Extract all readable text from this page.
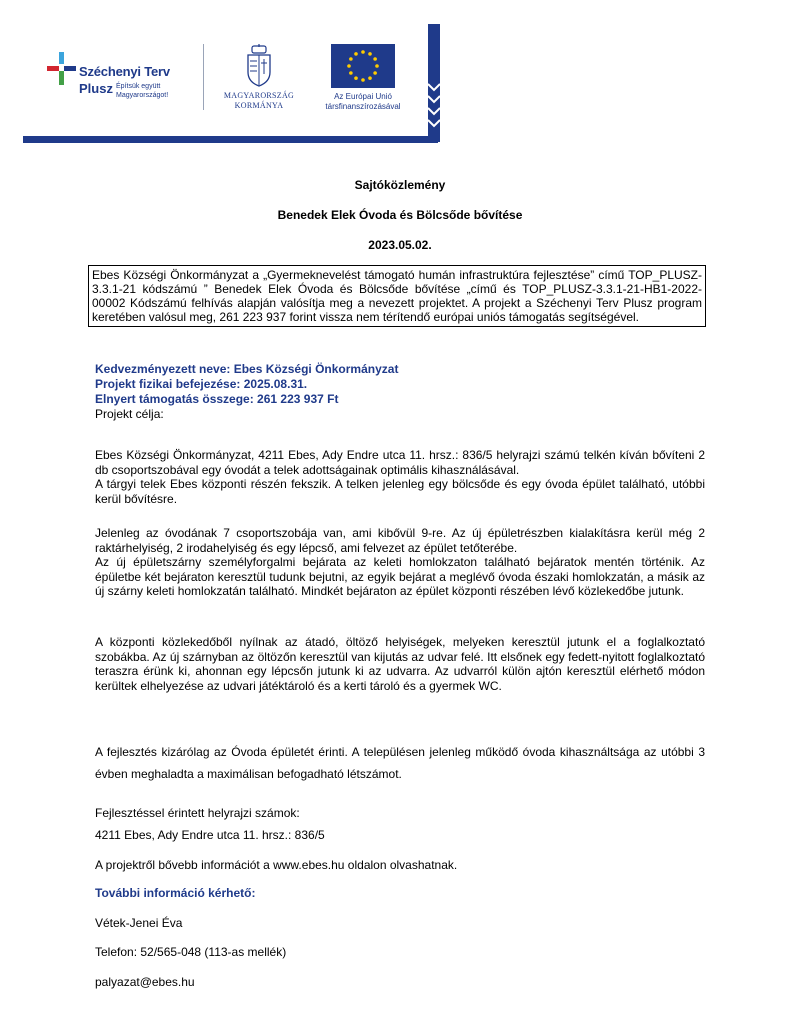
Széchenyi Terv
Plusz Építsük együtt Magyarországot!	MAGYARORSZÁG
KORMÁNYA
Az Európai Unió
társfinanszírozásával
Sajtóközlemény
Benedek Elek Óvoda és Bölcsőde bővítése
2023.05.02.
Ebes Községi Önkormányzat a „Gyermeknevelést támogató humán infrastruktúra fejlesztése” című TOP_PLUSZ-3.3.1-21 kódszámú ” Benedek Elek Óvoda és Bölcsőde bővítése „című és TOP_PLUSZ-3.3.1-21-HB1-2022- 00002 Kódszámú felhívás alapján valósítja meg a nevezett projektet. A projekt a Széchenyi Terv Plusz program keretében valósul meg, 261 223 937 forint vissza nem térítendő európai uniós támogatás segítségével.
Kedvezményezett neve: Ebes Községi Önkormányzat
Projekt fizikai befejezése: 2025.08.31.
Elnyert támogatás összege: 261 223 937 Ft
Projekt célja:

Ebes Községi Önkormányzat, 4211 Ebes, Ady Endre utca 11. hrsz.: 836/5 helyrajzi számú telkén kíván bővíteni 2 db csoportszobával egy óvodát a telek adottságainak optimális kihasználásával.

A tárgyi telek Ebes központi részén fekszik. A telken jelenleg egy bölcsőde és egy óvoda épület található, utóbbi kerül bővítésre.

Jelenleg az óvodának 7 csoportszobája van, ami kibővül 9-re. Az új épületrészben kialakításra kerül még 2 raktárhelyiség, 2 irodahelyiség és egy lépcső, ami felvezet az épület tetőterébe.

Az új épületszárny személyforgalmi bejárata az keleti homlokzaton található bejáratok mentén történik. Az épületbe két bejáraton keresztül tudunk bejutni, az egyik bejárat a meglévő óvoda északi homlokzatán, a másik az új szárny keleti homlokzatán található. Mindkét bejáraton az épület központi részében lévő közlekedőbe jutunk.

A központi közlekedőből nyílnak az átadó, öltöző helyiségek, melyeken keresztül jutunk el a foglalkoztató szobákba. Az új szárnyban az öltözőn keresztül van kijutás az udvar felé. Itt elsőnek egy fedett-nyitott foglalkoztató teraszra érünk ki, ahonnan egy lépcsőn jutunk ki az udvarra. Az udvarról külön ajtón keresztül elérhető módon kerültek elhelyezése az udvari játéktároló és a kerti tároló és a gyermek WC.
A fejlesztés kizárólag az Óvoda épületét érinti. A településen jelenleg működő óvoda kihasználtsága az utóbbi 3 évben meghaladta a maximálisan befogadható létszámot.
Fejlesztéssel érintett helyrajzi számok:
4211 Ebes, Ady Endre utca 11. hrsz.: 836/5
A projektről bővebb információt a www.ebes.hu oldalon olvashatnak.
További információ kérhető:
Vétek-Jenei Éva
Telefon: 52/565-048 (113-as mellék)
palyazat@ebes.hu
